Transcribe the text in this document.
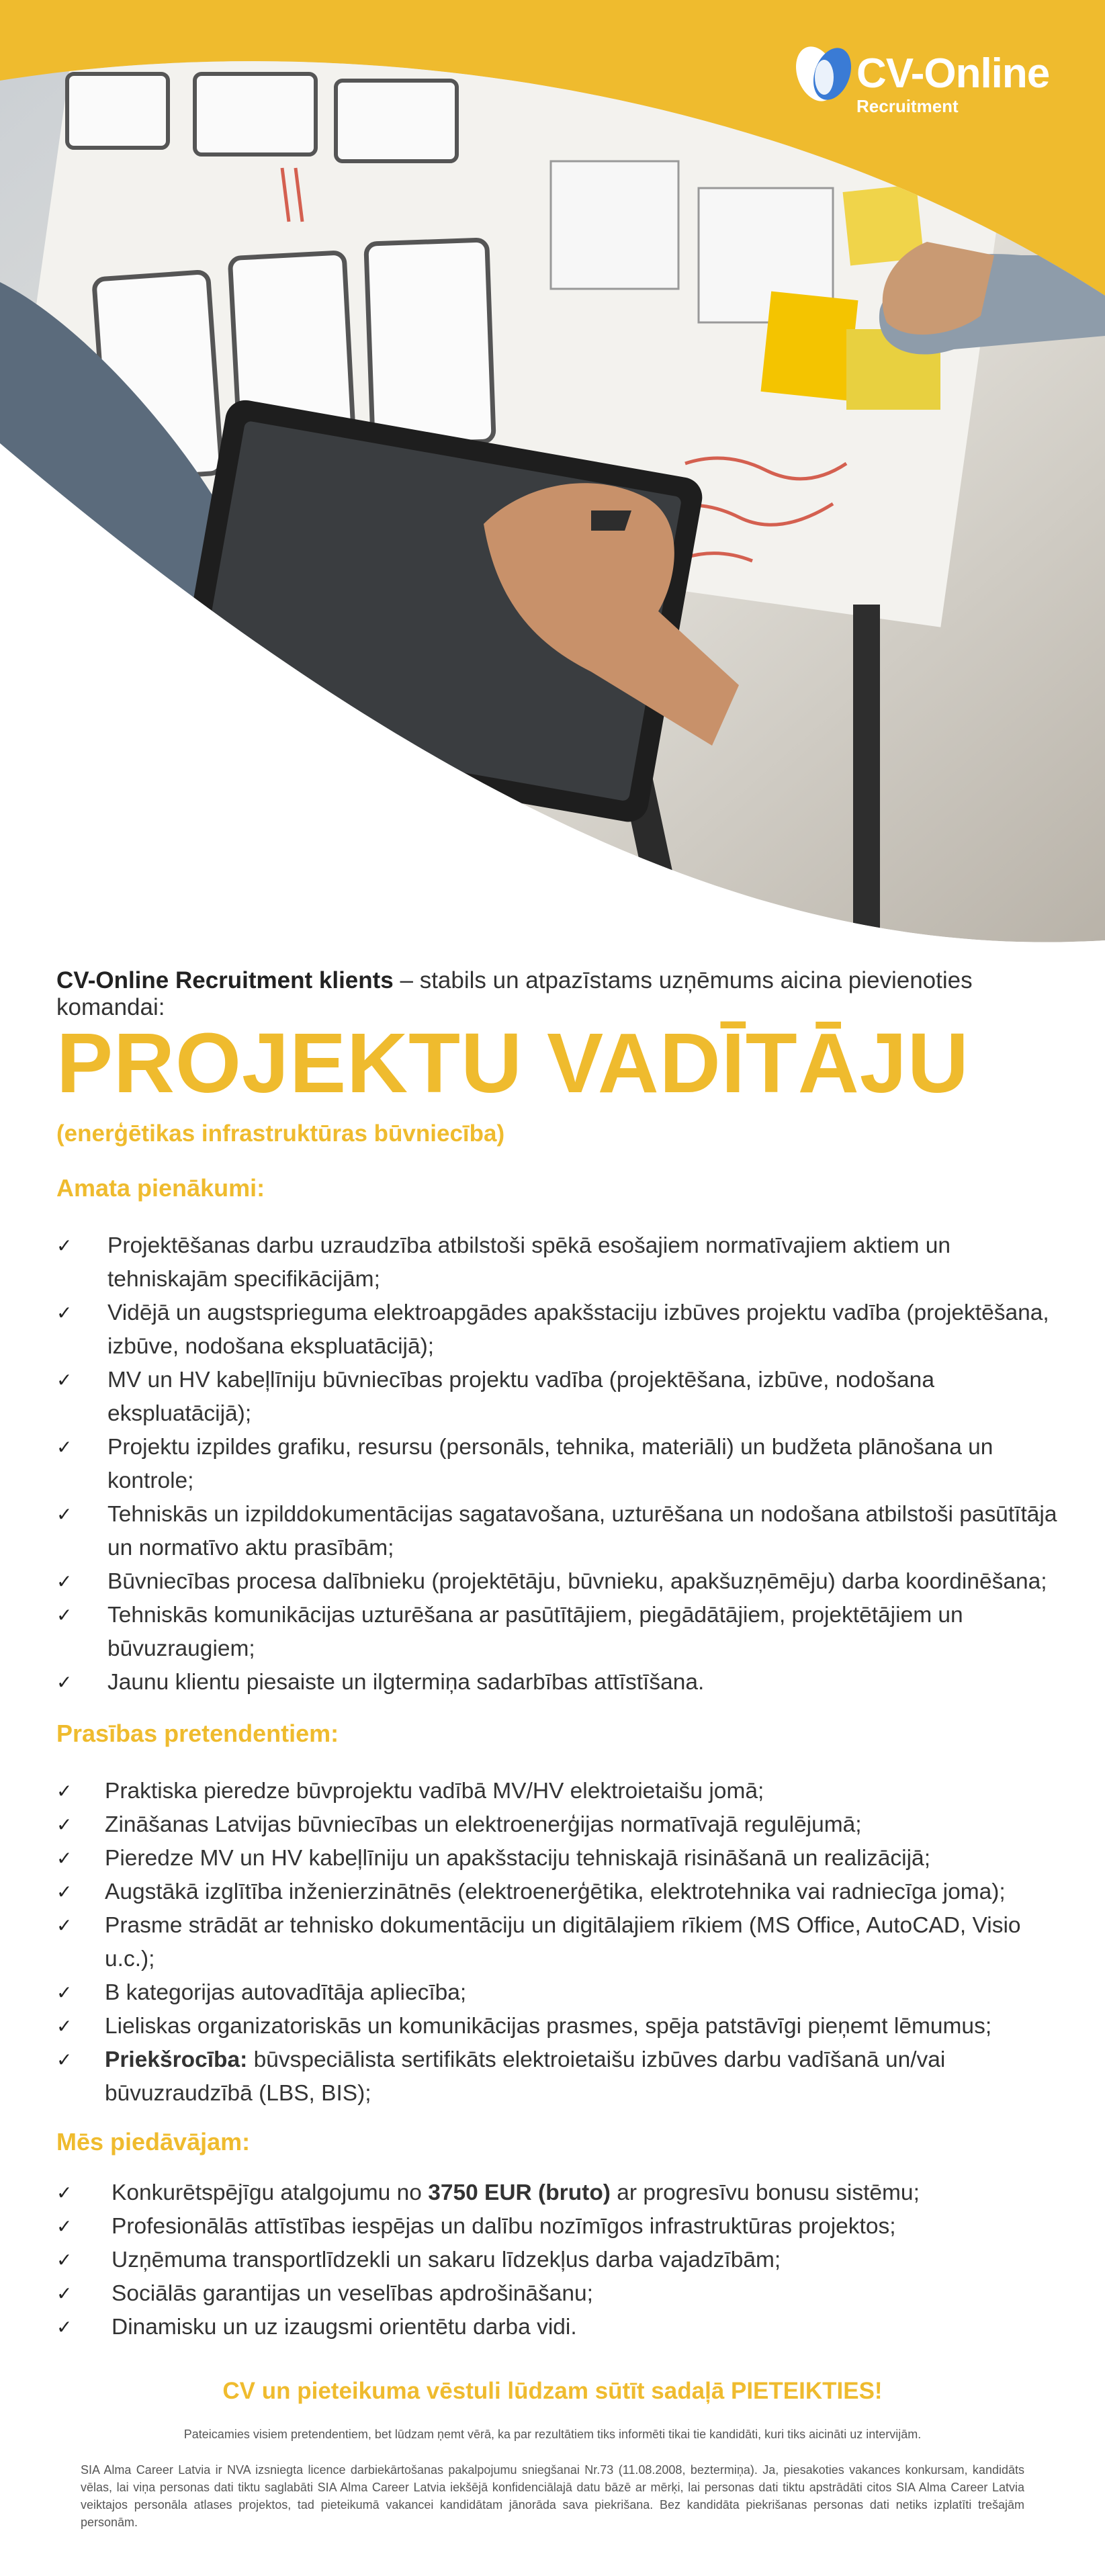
CV-Online
Recruitment
CV-Online Recruitment klients – stabils un atpazīstams uzņēmums aicina pievienoties komandai:
PROJEKTU VADĪTĀJU
(enerģētikas infrastruktūras būvniecība)
Amata pienākumi:
✓	Projektēšanas darbu uzraudzība atbilstoši spēkā esošajiem normatīvajiem aktiem un tehniskajām specifikācijām;
✓	Vidējā un augstsprieguma elektroapgādes apakšstaciju izbūves projektu vadība (projektēšana, izbūve, nodošana ekspluatācijā);
✓	MV un HV kabeļlīniju būvniecības projektu vadība (projektēšana, izbūve, nodošana ekspluatācijā);
✓	Projektu izpildes grafiku, resursu (personāls, tehnika, materiāli) un budžeta plānošana un kontrole;
✓	Tehniskās un izpilddokumentācijas sagatavošana, uzturēšana un nodošana atbilstoši pasūtītāja un normatīvo aktu prasībām;
✓	Būvniecības procesa dalībnieku (projektētāju, būvnieku, apakšuzņēmēju) darba koordinēšana;
✓	Tehniskās komunikācijas uzturēšana ar pasūtītājiem, piegādātājiem, projektētājiem un būvuzraugiem;
✓	Jaunu klientu piesaiste un ilgtermiņa sadarbības attīstīšana.
Prasības pretendentiem:
✓	Praktiska pieredze būvprojektu vadībā MV/HV elektroietaišu jomā;
✓	Zināšanas Latvijas būvniecības un elektroenerģijas normatīvajā regulējumā;
✓	Pieredze MV un HV kabeļlīniju un apakšstaciju tehniskajā risināšanā un realizācijā;
✓	Augstākā izglītība inženierzinātnēs (elektroenerģētika, elektrotehnika vai radniecīga joma);
✓	Prasme strādāt ar tehnisko dokumentāciju un digitālajiem rīkiem (MS Office, AutoCAD, Visio u.c.);
✓	B kategorijas autovadītāja apliecība;
✓	Lieliskas organizatoriskās un komunikācijas prasmes, spēja patstāvīgi pieņemt lēmumus;
✓	Priekšrocība: būvspeciālista sertifikāts elektroietaišu izbūves darbu vadīšanā un/vai būvuzraudzībā (LBS, BIS);
Mēs piedāvājam:
✓	Konkurētspējīgu atalgojumu no 3750 EUR (bruto) ar progresīvu bonusu sistēmu;
✓	Profesionālās attīstības iespējas un dalību nozīmīgos infrastruktūras projektos;
✓	Uzņēmuma transportlīdzekli un sakaru līdzekļus darba vajadzībām;
✓	Sociālās garantijas un veselības apdrošināšanu;
✓	Dinamisku un uz izaugsmi orientētu darba vidi.
CV un pieteikuma vēstuli lūdzam sūtīt sadaļā PIETEIKTIES!
Pateicamies visiem pretendentiem, bet lūdzam ņemt vērā, ka par rezultātiem tiks informēti tikai tie kandidāti, kuri tiks aicināti uz intervijām.
SIA Alma Career Latvia ir NVA izsniegta licence darbiekārtošanas pakalpojumu sniegšanai Nr.73 (11.08.2008, beztermiņa). Ja, piesakoties vakances konkursam, kandidāts vēlas, lai viņa personas dati tiktu saglabāti SIA Alma Career Latvia iekšējā konfidenciālajā datu bāzē ar mērķi, lai personas dati tiktu apstrādāti citos SIA Alma Career Latvia veiktajos personāla atlases projektos, tad pieteikumā vakancei kandidātam jānorāda sava piekrišana. Bez kandidāta piekrišanas personas dati netiks izplatīti trešajām personām.
